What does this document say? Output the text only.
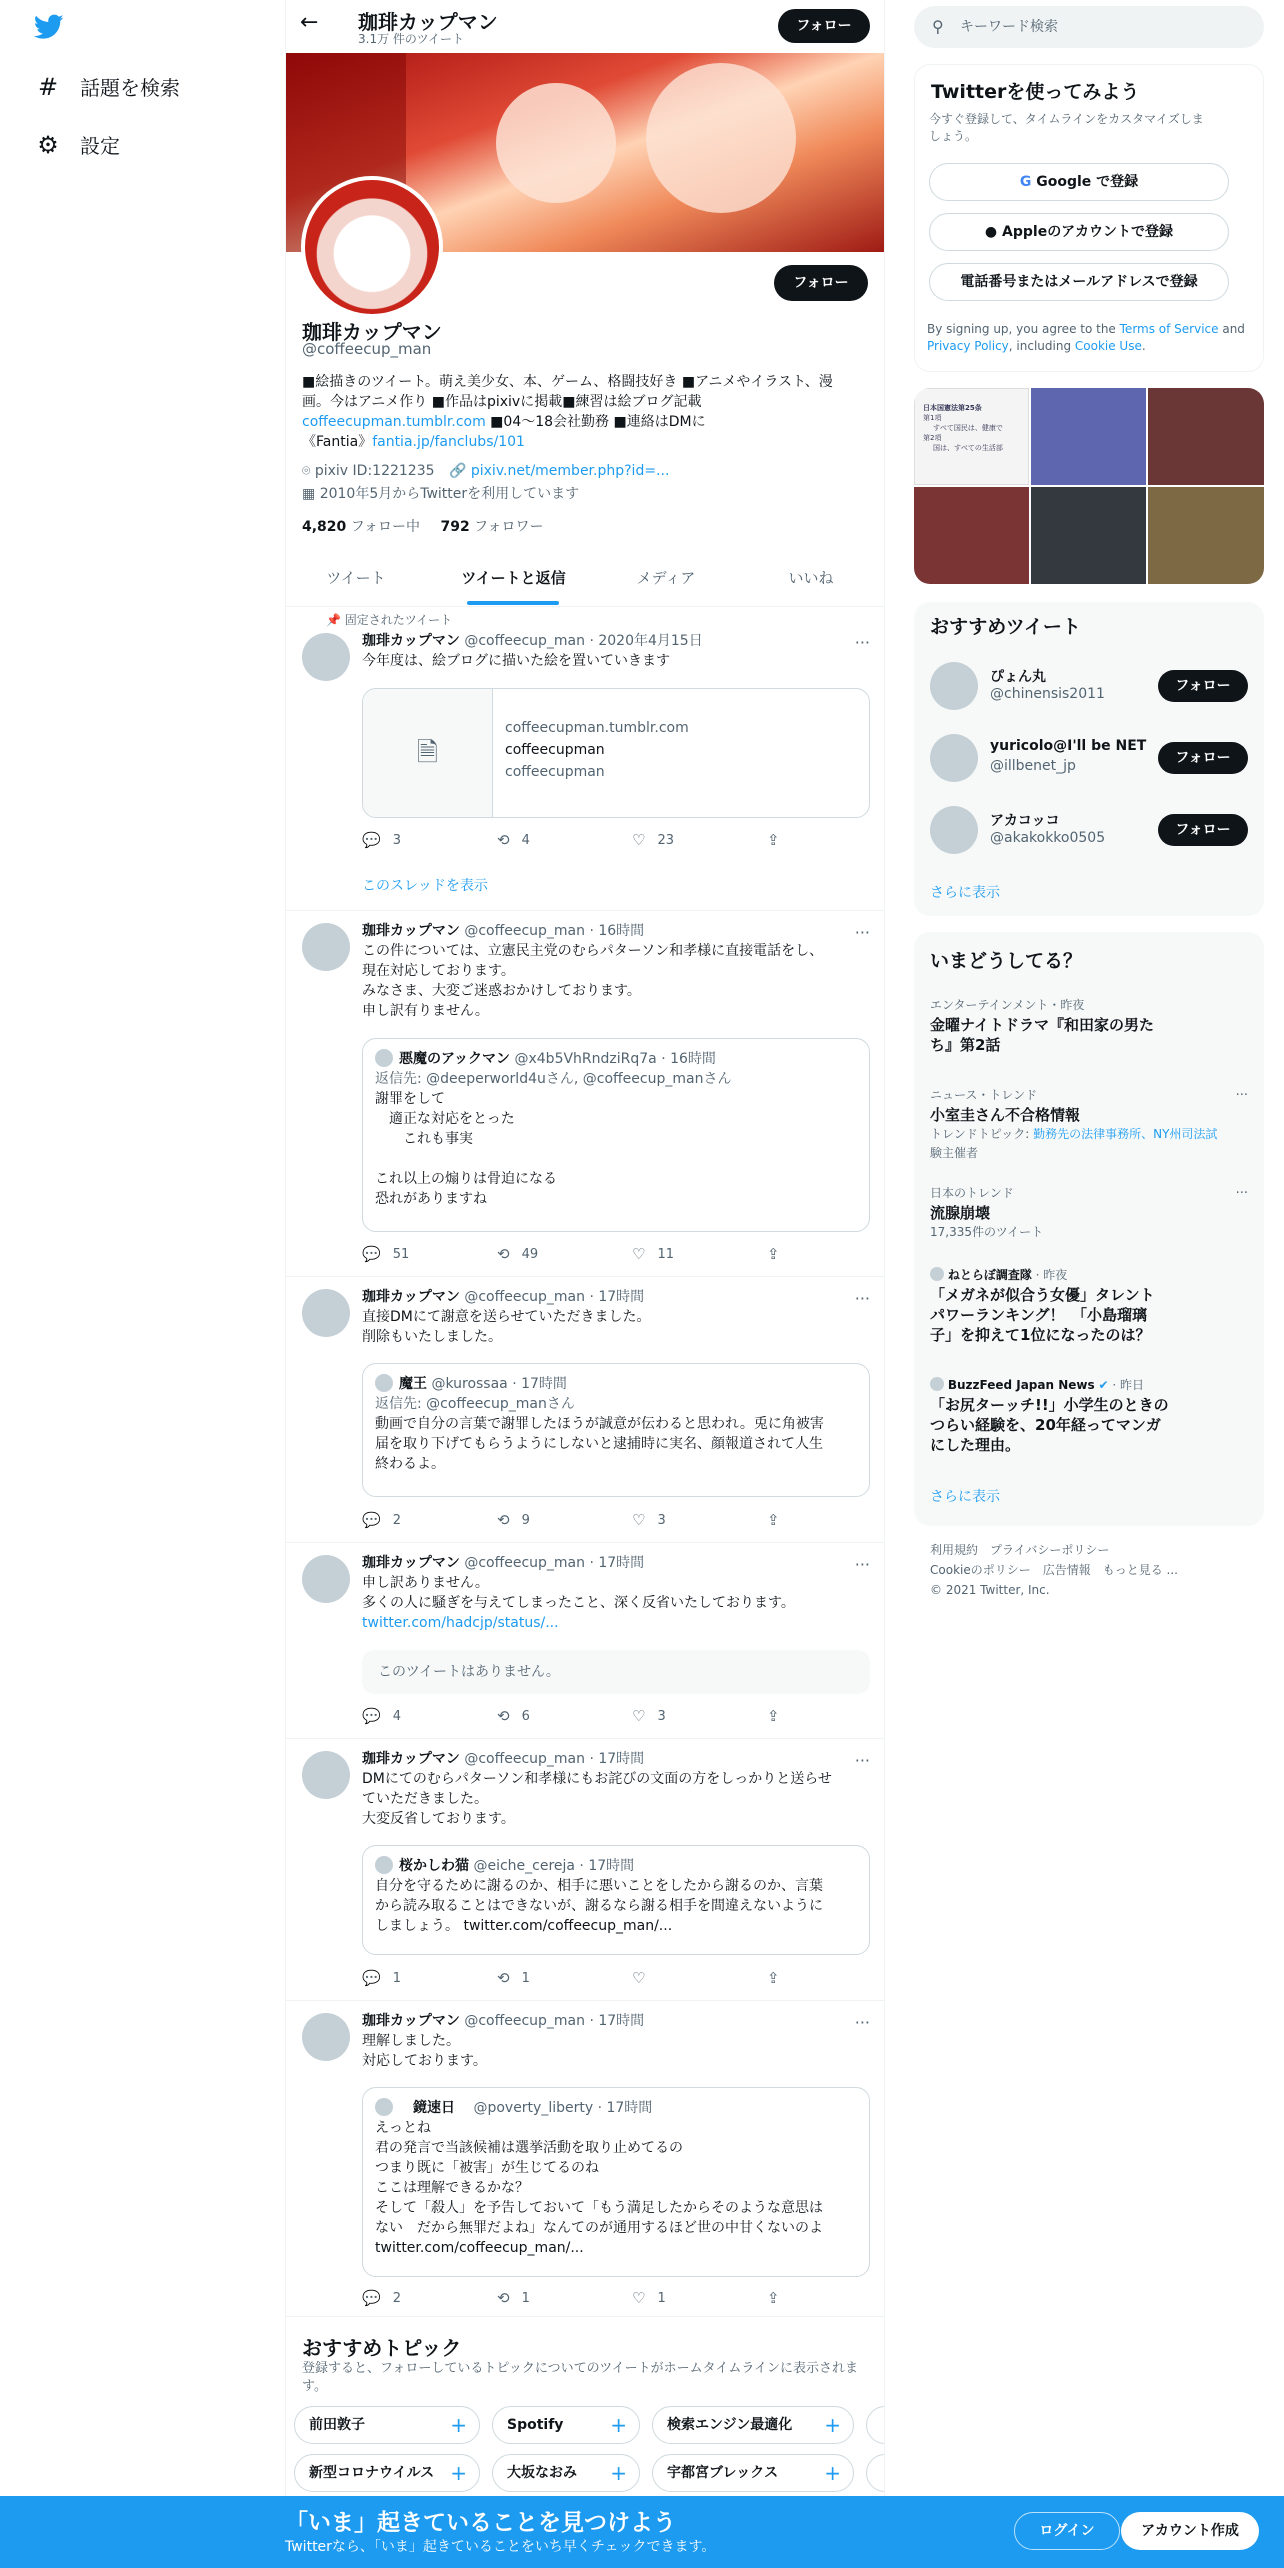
# 話題を検索
⚙ 設定
← 珈琲カップマン
3.1万 件のツイート
フォロー
フォロー
珈琲カップマン
@coffeecup_man
■絵描きのツイート。萌え美少女、本、ゲーム、格闘技好き ■アニメやイラスト、漫
画。今はアニメ作り ■作品はpixivに掲載■練習は絵ブログ記載
coffeecupman.tumblr.com ■04～18会社勤務 ■連絡はDMに
《Fantia》fantia.jp/fanclubs/101
⌾ pixiv ID:1221235 🔗 pixiv.net/member.php?id=...
▦ 2010年5月からTwitterを利用しています
4,820 フォロー中 792 フォロワー
ツイート	ツイートと返信	メディア	いいね
📌 固定されたツイート
珈琲カップマン @coffeecup_man · 2020年4月15日
今年度は、絵ブログに描いた絵を置いていきます
···
🗎
coffeecupman.tumblr.com
coffeecupman
coffeecupman
💬 3	⟲ 4	♡ 23	⇪
このスレッドを表示
珈琲カップマン @coffeecup_man · 16時間
この件については、立憲民主党のむらパターソン和孝様に直接電話をし、
現在対応しております。
みなさま、大変ご迷惑おかけしております。
申し訳有りません。
···
悪魔のアックマン @x4b5VhRndziRq7a · 16時間
返信先: @deeperworld4uさん, @coffeecup_manさん
謝罪をして
　適正な対応をとった
　　これも事実
これ以上の煽りは骨迫になる
恐れがありますね
💬 51	⟲ 49	♡ 11	⇪
珈琲カップマン @coffeecup_man · 17時間
直接DMにて謝意を送らせていただきました。
削除もいたしました。
···
魔王 @kurossaa · 17時間
返信先: @coffeecup_manさん
動画で自分の言葉で謝罪したほうが誠意が伝わると思われ。兎に角被害
届を取り下げてもらうようにしないと逮捕時に実名、顔報道されて人生
終わるよ。
💬 2	⟲ 9	♡ 3	⇪
珈琲カップマン @coffeecup_man · 17時間
申し訳ありません。
多くの人に騒ぎを与えてしまったこと、深く反省いたしております。
twitter.com/hadcjp/status/...
···
このツイートはありません。
💬 4	⟲ 6	♡ 3	⇪
珈琲カップマン @coffeecup_man · 17時間
DMにてのむらパターソン和孝様にもお詫びの文面の方をしっかりと送らせ
ていただきました。
大変反省しております。
···
桜かしわ猫 @eiche_cereja · 17時間
自分を守るために謝るのか、相手に悪いことをしたから謝るのか、言葉
から読み取ることはできないが、謝るなら謝る相手を間違えないように
しましょう。 twitter.com/coffeecup_man/...
💬 1	⟲ 1	♡	⇪
珈琲カップマン @coffeecup_man · 17時間
理解しました。
対応しております。
···
鏡速日 @poverty_liberty · 17時間
えっとね
君の発言で当該候補は選挙活動を取り止めてるの
つまり既に「被害」が生じてるのね
ここは理解できるかな？
そして「殺人」を予告しておいて「もう満足したからそのような意思は
ない　だから無罪だよね」なんてのが通用するほど世の中甘くないのよ
twitter.com/coffeecup_man/...
💬 2	⟲ 1	♡ 1	⇪
おすすめトピック
登録すると、フォローしているトピックについてのツイートがホームタイムラインに表示されま
す。
前田敦子	+	Spotify +	検索エンジン最適化 +
新型コロナウイルス +	大坂なおみ +	宇都宮ブレックス +
⚲ キーワード検索
Twitterを使ってみよう
今すぐ登録して、タイムラインをカスタマイズしま
しょう。
G Google で登録
● Appleのアカウントで登録
電話番号またはメールアドレスで登録
By signing up, you agree to the Terms of Service and Privacy Policy, including Cookie Use.
日本国憲法第25条
第1項
すべて国民は、健康で
第2項
国は、すべての生活部
おすすめツイート
ぴょん丸
@chinensis2011	フォロー
yuricolo@I'll be NET
@illbenet_jp	フォロー
アカコッコ
@akakokko0505	フォロー
さらに表示
いまどうしてる？
エンターテインメント・昨夜
金曜ナイトドラマ『和田家の男た
ち』第2話
···
ニュース・トレンド
小室圭さん不合格情報
トレンドトピック: 勤務先の法律事務所、NY州司法試
験主催者
···
日本のトレンド
流腺崩壊
17,335件のツイート
ねとらぼ調査隊 · 昨夜
「メガネが似合う女優」タレント
パワーランキング！　「小島瑠璃
子」を抑えて1位になったのは？
BuzzFeed Japan News ✔ · 昨日
「お尻ターッチ!!」小学生のときの
つらい経験を、20年経ってマンガ
にした理由。
さらに表示
利用規約　プライバシーポリシー
Cookieのポリシー　広告情報　もっと見る ...
© 2021 Twitter, Inc.
「いま」起きていることを見つけよう
Twitterなら、「いま」起きていることをいち早くチェックできます。
ログイン	アカウント作成
